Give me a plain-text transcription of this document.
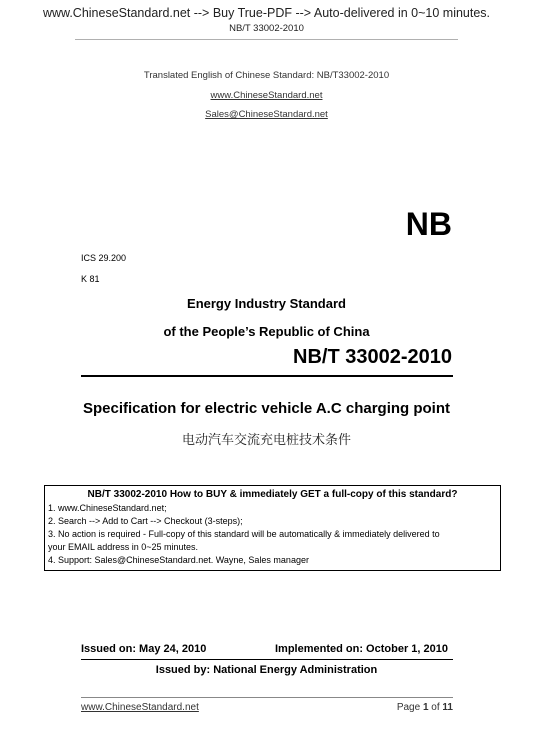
www.ChineseStandard.net --> Buy True-PDF --> Auto-delivered in 0~10 minutes.
NB/T 33002-2010
Translated English of Chinese Standard: NB/T33002-2010
www.ChineseStandard.net
Sales@ChineseStandard.net
NB
ICS 29.200
K 81
Energy Industry Standard
of the People’s Republic of China
NB/T 33002-2010
Specification for electric vehicle A.C charging point
电动汽车交流充电桩技术条件
NB/T 33002-2010 How to BUY & immediately GET a full-copy of this standard?
1. www.ChineseStandard.net;
2. Search --> Add to Cart --> Checkout (3-steps);
3. No action is required - Full-copy of this standard will be automatically & immediately delivered to
your EMAIL address in 0~25 minutes.
4. Support: Sales@ChineseStandard.net. Wayne, Sales manager
Issued on: May 24, 2010	Implemented on: October 1, 2010
Issued by: National Energy Administration
www.ChineseStandard.net	Page 1 of 11
